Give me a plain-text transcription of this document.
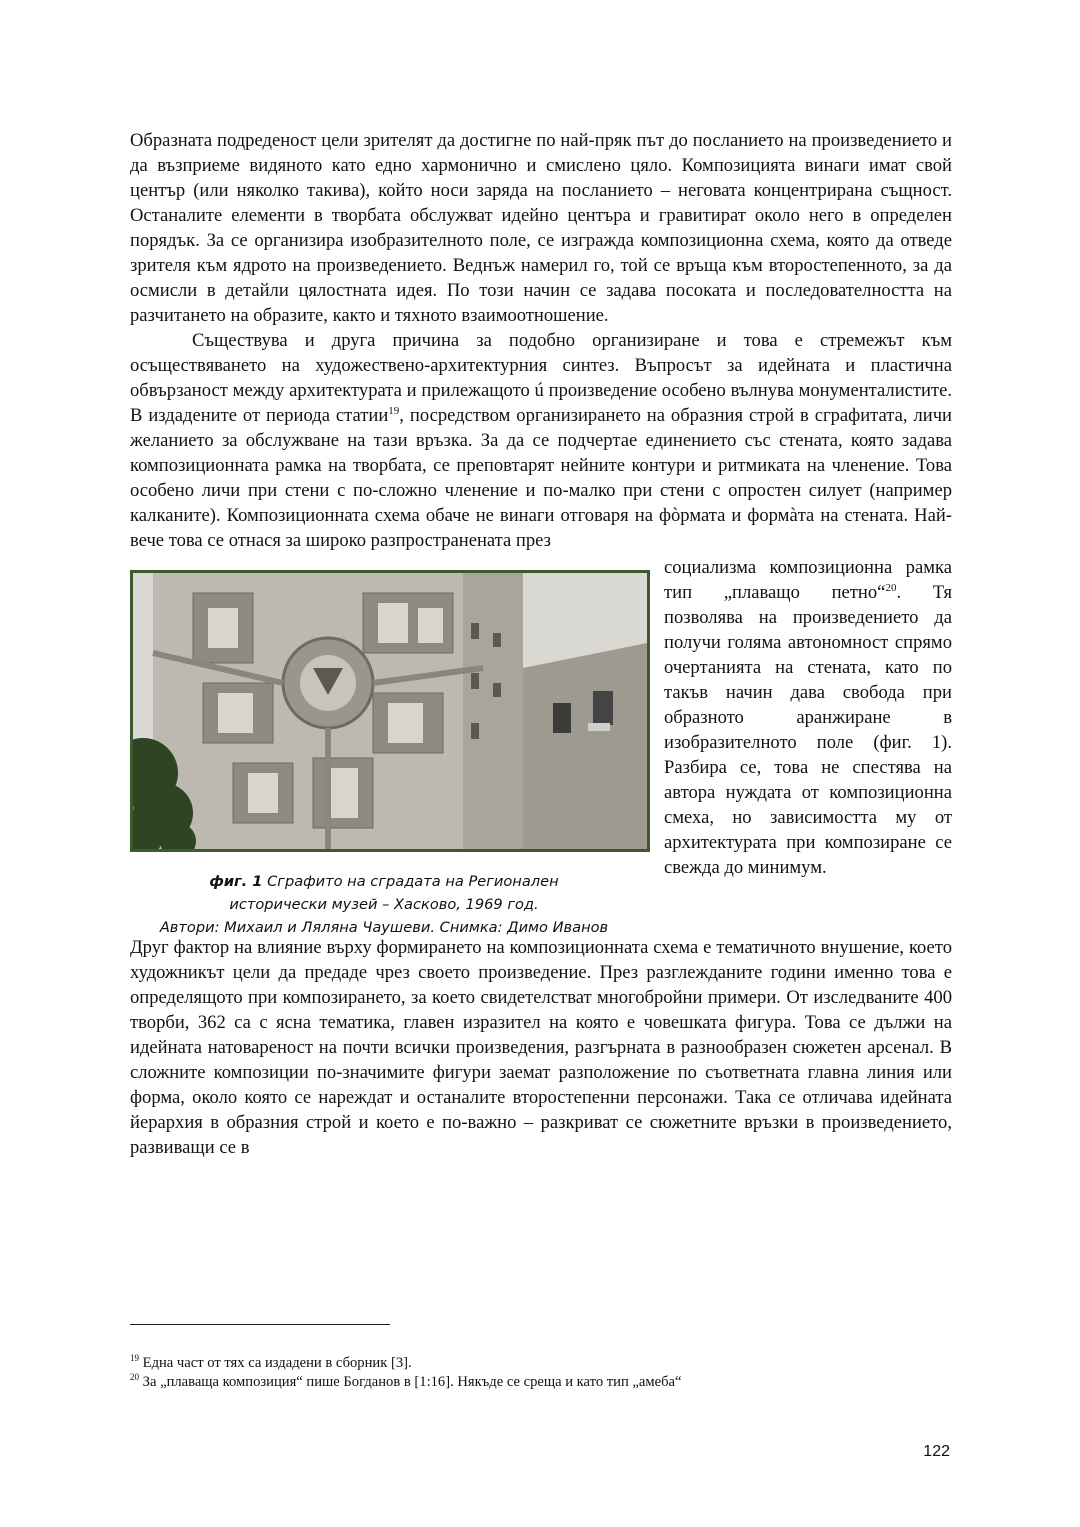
Образната подреденост цели зрителят да достигне по най-пряк път до посланието на произведението и да възприеме видяното като едно хармонично и смислено цяло. Композицията винаги имат свой център (или няколко такива), който носи заряда на посланието – неговата концентрирана същност. Останалите елементи в творбата обслужват идейно центъра и гравитират около него в определен порядък. За се организира изобразителното поле, се изгражда композиционна схема, която да отведе зрителя към ядрото на произведението. Веднъж намерил го, той се връща към второстепенното, за да осмисли в детайли цялостната идея. По този начин се задава посоката и последователността на разчитането на образите, както и тяхното взаимоотношение.

Съществува и друга причина за подобно организиране и това е стремежът към осъществяването на художествено-архитектурния синтез. Въпросът за идейната и пластична обвързаност между архитектурата и прилежащото ú произведение особено вълнува монументалистите. В издадените от периода статии$^{19}$, посредством организирането на образния строй в сграфитата, личи желанието за обслужване на тази връзка. За да се подчертае единението със стената, която задава композиционната рамка на творбата, се преповтарят нейните контури и ритмиката на членение. Това особено личи при стени с по-сложно членение и по-малко при стени с опростен силует (например калканите). Композиционната схема обаче не винаги отговаря на фòрмата и формàта на стената. Най-вече това се отнася за широко разпространената през

фиг. 1 Сграфито на сградата на Регионален
исторически музей – Хасково, 1969 год.
Автори: Михаил и Ляляна Чаушеви. Снимка: Димо Иванов
социализма композиционна рамка тип „плаващо петно“$^{20}$. Тя позволява на произведението да получи голяма автономност спрямо очертанията на стената, като по такъв начин дава свобода при образното аранжиране в изобразителното поле (фиг. 1). Разбира се, това не спестява на автора нуждата от композиционна смеха, но зависимостта му от архитектурата при композиране се свежда до минимум.

Друг фактор на влияние върху формирането на композиционната схема е тематичното внушение, което художникът цели да предаде чрез своето произведение. През разглежданите години именно това е определящото при композирането, за което свидетелстват многобройни примери. От изследваните 400 творби, 362 са с ясна тематика, главен изразител на която е човешката фигура. Това се дължи на идейната натовареност на почти всички произведения, разгърната в разнообразен сюжетен арсенал. В сложните композиции по-значимите фигури заемат разположение по съответната главна линия или форма, около която се нареждат и останалите второстепенни персонажи. Така се отличава идейната йерархия в образния строй и което е по-важно – разкриват се сюжетните връзки в произведението, развиващи се в

$^{19}$ Една част от тях са издадени в сборник [3].

$^{20}$ За „плаваща композиция“ пише Богданов в [1:16]. Някъде се среща и като тип „амеба“

122
